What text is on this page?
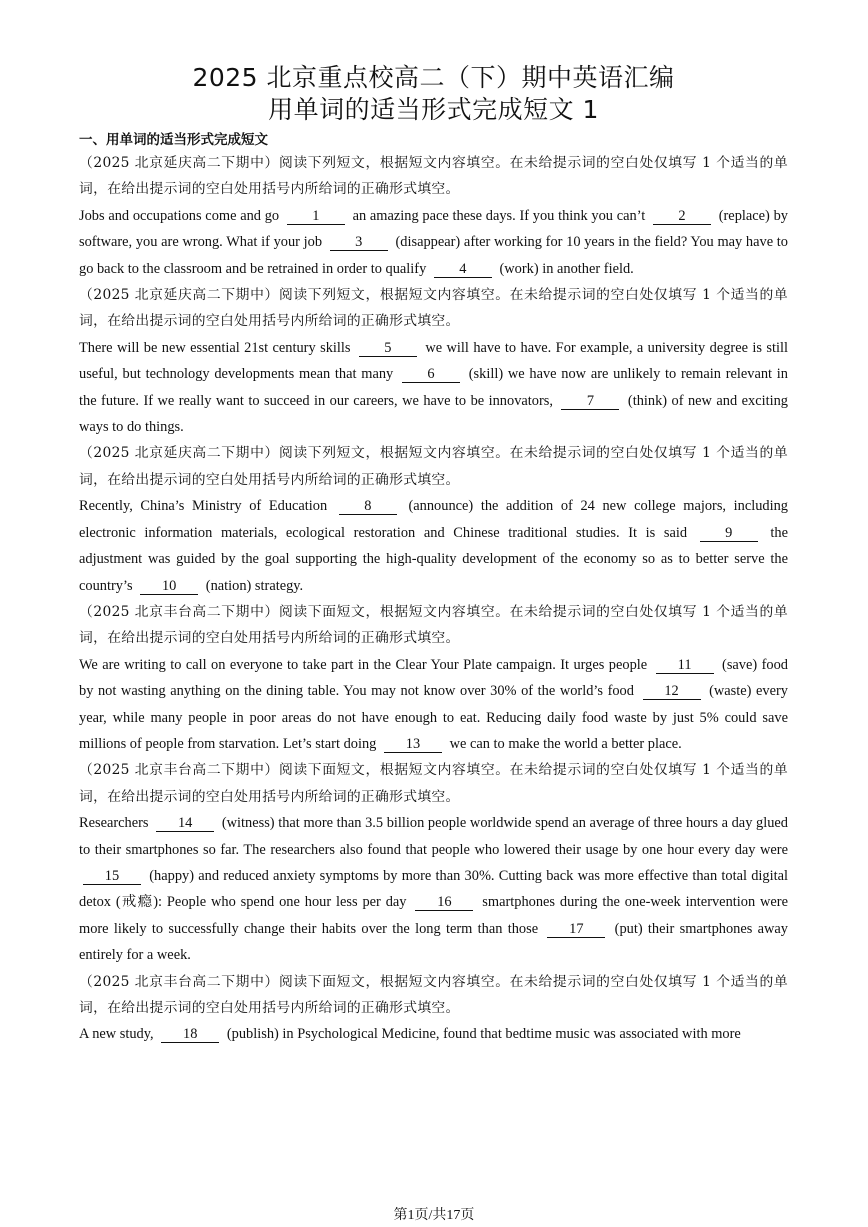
2025 北京重点校高二（下）期中英语汇编
用单词的适当形式完成短文 1
一、用单词的适当形式完成短文

（2025 北京延庆高二下期中）阅读下列短文，根据短文内容填空。在未给提示词的空白处仅填写 1 个适当的单词，在给出提示词的空白处用括号内所给词的正确形式填空。

Jobs and occupations come and go 1 an amazing pace these days. If you think you can’t 2 (replace) by software, you are wrong. What if your job 3 (disappear) after working for 10 years in the field? You may have to go back to the classroom and be retrained in order to qualify 4 (work) in another field.

（2025 北京延庆高二下期中）阅读下列短文，根据短文内容填空。在未给提示词的空白处仅填写 1 个适当的单词，在给出提示词的空白处用括号内所给词的正确形式填空。

There will be new essential 21st century skills 5 we will have to have. For example, a university degree is still useful, but technology developments mean that many 6 (skill) we have now are unlikely to remain relevant in the future. If we really want to succeed in our careers, we have to be innovators, 7 (think) of new and exciting ways to do things.

（2025 北京延庆高二下期中）阅读下列短文，根据短文内容填空。在未给提示词的空白处仅填写 1 个适当的单词，在给出提示词的空白处用括号内所给词的正确形式填空。

Recently, China’s Ministry of Education	8	(announce) the addition of 24 new college majors, including electronic information materials, ecological restoration and Chinese traditional studies. It is said	9	the adjustment was guided by the goal supporting the high-quality development of the economy so as to better serve the country’s 10 (nation) strategy.

（2025 北京丰台高二下期中）阅读下面短文，根据短文内容填空。在未给提示词的空白处仅填写 1 个适当的单词，在给出提示词的空白处用括号内所给词的正确形式填空。

We are writing to call on everyone to take part in the Clear Your Plate campaign. It urges people 11 (save) food by not wasting anything on the dining table. You may not know over 30% of the world’s food 12 (waste) every year, while many people in poor areas do not have enough to eat. Reducing daily food waste by just 5% could save millions of people from starvation. Let’s start doing 13 we can to make the world a better place.

（2025 北京丰台高二下期中）阅读下面短文，根据短文内容填空。在未给提示词的空白处仅填写 1 个适当的单词，在给出提示词的空白处用括号内所给词的正确形式填空。

Researchers 14 (witness) that more than 3.5 billion people worldwide spend an average of three hours a day glued to their smartphones so far. The researchers also found that people who lowered their usage by one hour every day were 15 (happy) and reduced anxiety symptoms by more than 30%. Cutting back was more effective than total digital detox (戒瘾): People who spend one hour less per day 16 smartphones during the one-week intervention were more likely to successfully change their habits over the long term than those 17 (put) their smartphones away entirely for a week.

（2025 北京丰台高二下期中）阅读下面短文，根据短文内容填空。在未给提示词的空白处仅填写 1 个适当的单词，在给出提示词的空白处用括号内所给词的正确形式填空。

A new study, 18 (publish) in Psychological Medicine, found that bedtime music was associated with more

第1页/共17页
